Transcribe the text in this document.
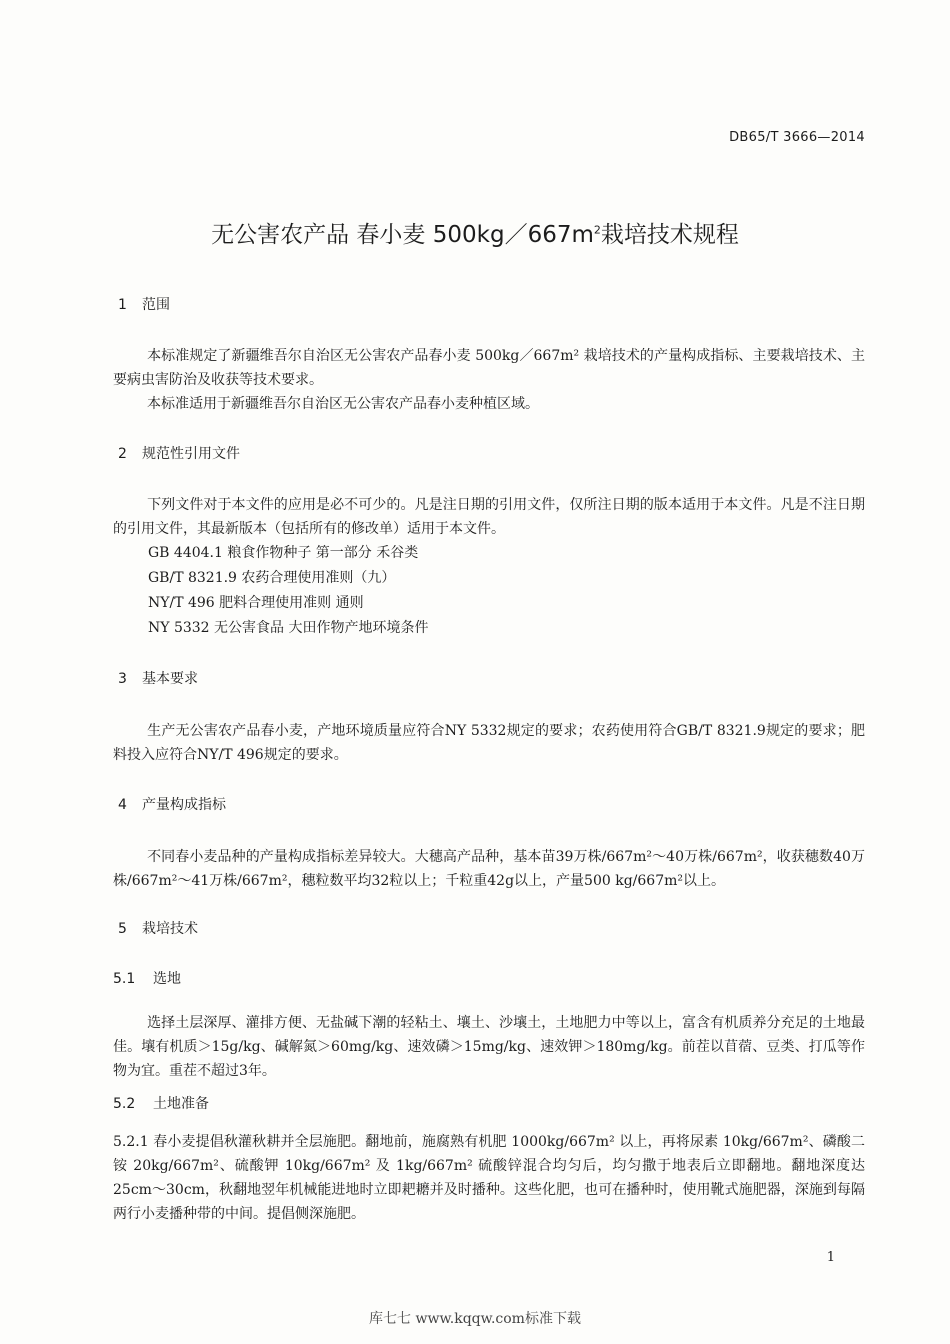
DB65/T 3666—2014
无公害农产品 春小麦 $500kg/667m^2$栽培技术规程
1 范围
本标准规定了新疆维吾尔自治区无公害农产品春小麦 500kg／667m² 栽培技术的产量构成指标、主要栽培技术、主要病虫害防治及收获等技术要求。
本标准适用于新疆维吾尔自治区无公害农产品春小麦种植区域。
2 规范性引用文件
下列文件对于本文件的应用是必不可少的。凡是注日期的引用文件，仅所注日期的版本适用于本文件。凡是不注日期的引用文件，其最新版本（包括所有的修改单）适用于本文件。
GB 4404.1 粮食作物种子 第一部分 禾谷类
GB/T 8321.9 农药合理使用准则（九）
NY/T 496 肥料合理使用准则 通则
NY 5332 无公害食品 大田作物产地环境条件
3 基本要求
生产无公害农产品春小麦，产地环境质量应符合NY 5332规定的要求；农药使用符合GB/T 8321.9规定的要求；肥料投入应符合NY/T 496规定的要求。
4 产量构成指标
不同春小麦品种的产量构成指标差异较大。大穗高产品种，基本苗39万株/667m²～40万株/667m²，收获穗数40万株/667m²～41万株/667m²，穗粒数平均32粒以上；千粒重42g以上，产量500 kg/667m²以上。
5 栽培技术
5.1 选地
选择土层深厚、灌排方便、无盐碱下潮的轻粘土、壤土、沙壤土，土地肥力中等以上，富含有机质养分充足的土地最佳。壤有机质＞15g/kg、碱解氮＞60mg/kg、速效磷＞15mg/kg、速效钾＞180mg/kg。前茬以苜蓿、豆类、打瓜等作物为宜。重茬不超过3年。
5.2 土地准备
5.2.1 春小麦提倡秋灌秋耕并全层施肥。翻地前，施腐熟有机肥 1000kg/667m² 以上，再将尿素 10kg/667m²、磷酸二铵 20kg/667m²、硫酸钾 10kg/667m² 及 1kg/667m² 硫酸锌混合均匀后，均匀撒于地表后立即翻地。翻地深度达 25cm～30cm，秋翻地翌年机械能进地时立即耙耱并及时播种。这些化肥，也可在播种时，使用靴式施肥器，深施到每隔两行小麦播种带的中间。提倡侧深施肥。
1
库七七 www.kqqw.com标准下载
